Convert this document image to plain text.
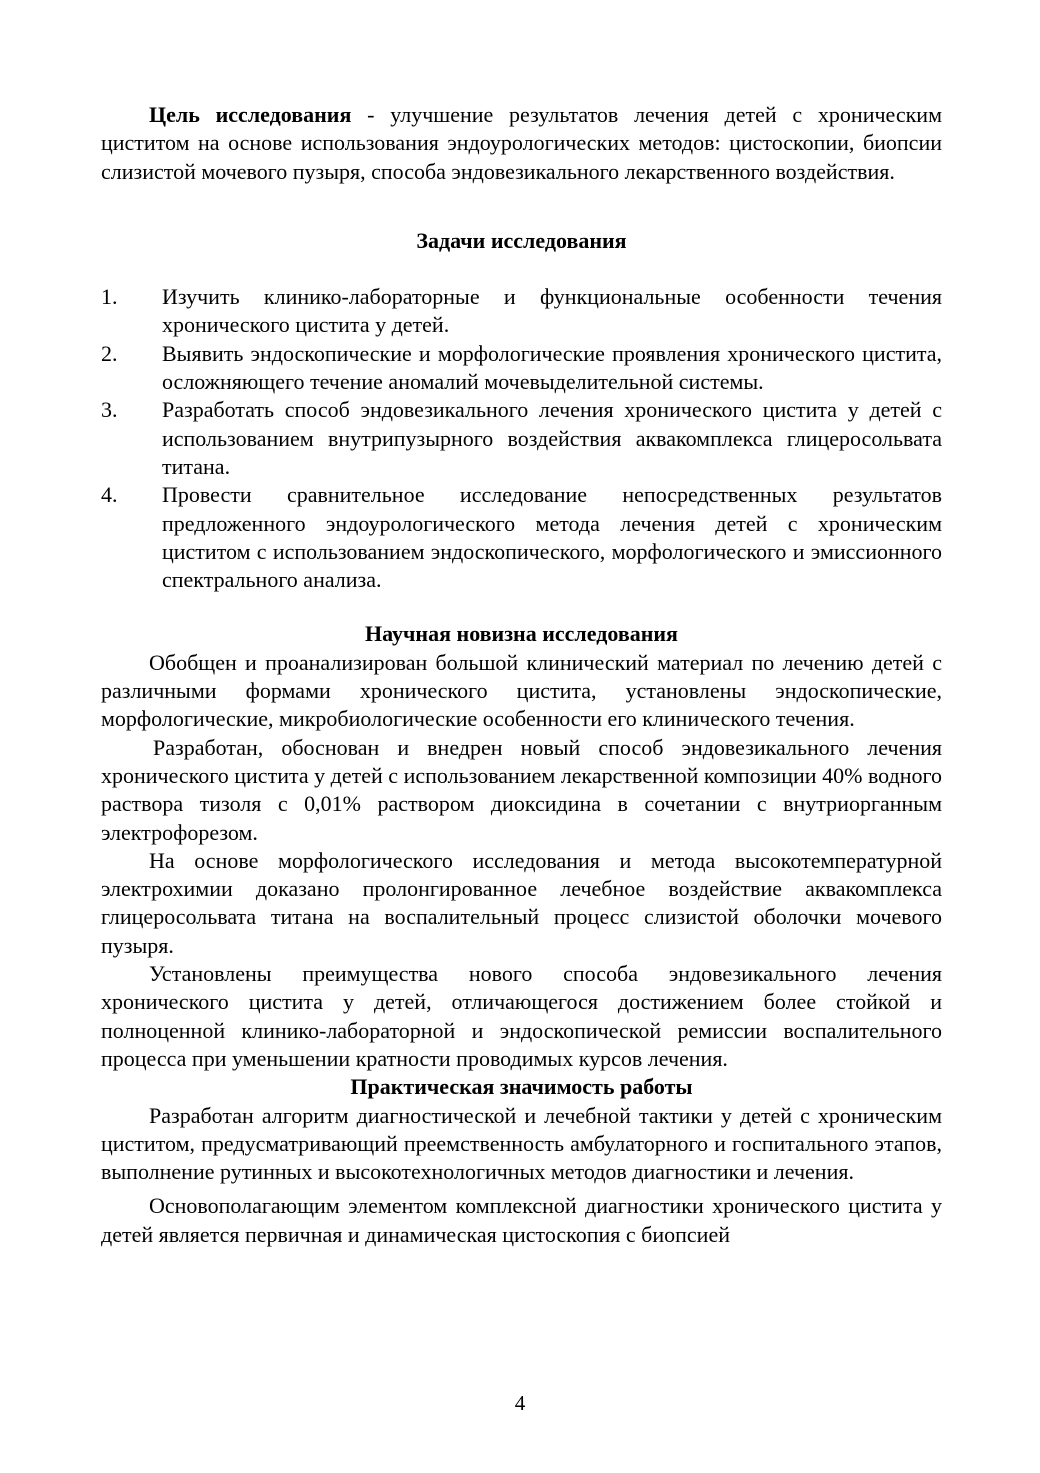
Цель исследования - улучшение результатов лечения детей с хроническим циститом на основе использования эндоурологических методов: цистоскопии, биопсии слизистой мочевого пузыря, способа эндовезикального лекарственного воздействия.

Задачи исследования
1. Изучить клинико-лабораторные и функциональные особенности течения хронического цистита у детей.
2. Выявить эндоскопические и морфологические проявления хронического цистита, осложняющего течение аномалий мочевыделительной системы.
3. Разработать способ эндовезикального лечения хронического цистита у детей с использованием внутрипузырного воздействия аквакомплекса глицеросольвата титана.
4. Провести сравнительное исследование непосредственных результатов предложенного эндоурологического метода лечения детей с хроническим циститом с использованием эндоскопического, морфологического и эмиссионного спектрального анализа.
Научная новизна исследования

Обобщен и проанализирован большой клинический материал по лечению детей с различными формами хронического цистита, установлены эндоскопические, морфологические, микробиологические особенности его клинического течения.

Разработан, обоснован и внедрен новый способ эндовезикального лечения хронического цистита у детей с использованием лекарственной композиции 40% водного раствора тизоля с 0,01% раствором диоксидина в сочетании с внутриорганным электрофорезом.

На основе морфологического исследования и метода высокотемпературной электрохимии доказано пролонгированное лечебное воздействие аквакомплекса глицеросольвата титана на воспалительный процесс слизистой оболочки мочевого пузыря.

Установлены преимущества нового способа эндовезикального лечения хронического цистита у детей, отличающегося достижением более стойкой и полноценной клинико-лабораторной и эндоскопической ремиссии воспалительного процесса при уменьшении кратности проводимых курсов лечения.

Практическая значимость работы

Разработан алгоритм диагностической и лечебной тактики у детей с хроническим циститом, предусматривающий преемственность амбулаторного и госпитального этапов, выполнение рутинных и высокотехнологичных методов диагностики и лечения.

Основополагающим элементом комплексной диагностики хронического цистита у детей является первичная и динамическая цистоскопия с биопсией

4
